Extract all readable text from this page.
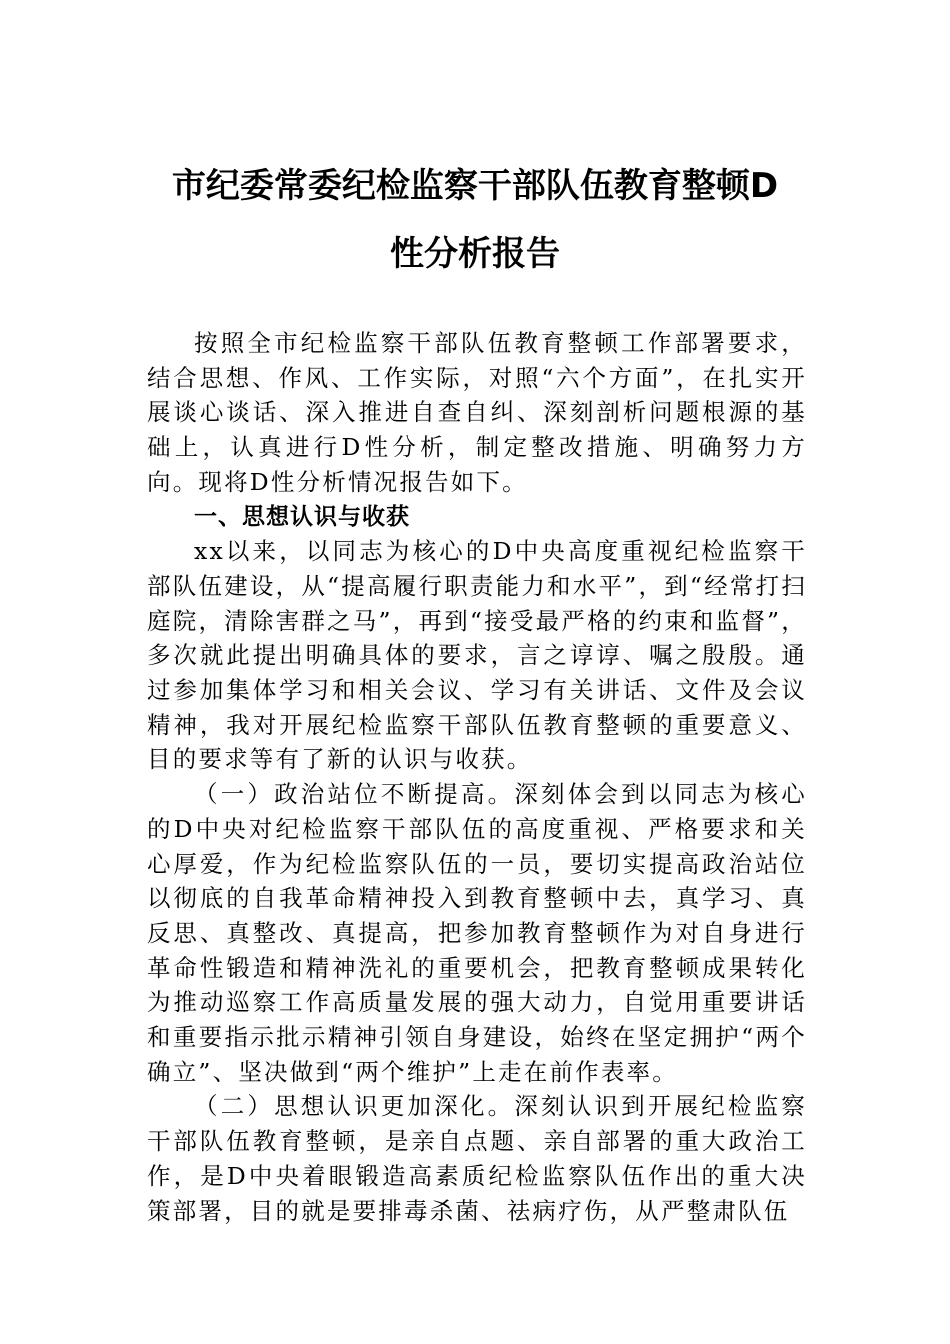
市纪委常委纪检监察干部队伍教育整顿D
性分析报告

按照全市纪检监察干部队伍教育整顿工作部署要求，结合思想、作风、工作实际，对照“六个方面”，在扎实开展谈心谈话、深入推进自查自纠、深刻剖析问题根源的基础上，认真进行D性分析，制定整改措施、明确努力方向。现将D性分析情况报告如下。

一、思想认识与收获

xx以来，以同志为核心的D中央高度重视纪检监察干部队伍建设，从“提高履行职责能力和水平”，到“经常打扫庭院，清除害群之马”，再到“接受最严格的约束和监督”，多次就此提出明确具体的要求，言之谆谆、嘱之殷殷。通过参加集体学习和相关会议、学习有关讲话、文件及会议精神，我对开展纪检监察干部队伍教育整顿的重要意义、目的要求等有了新的认识与收获。

（一）政治站位不断提高。深刻体会到以同志为核心的D中央对纪检监察干部队伍的高度重视、严格要求和关心厚爱，作为纪检监察队伍的一员，要切实提高政治站位以彻底的自我革命精神投入到教育整顿中去，真学习、真反思、真整改、真提高，把参加教育整顿作为对自身进行革命性锻造和精神洗礼的重要机会，把教育整顿成果转化为推动巡察工作高质量发展的强大动力，自觉用重要讲话和重要指示批示精神引领自身建设，始终在坚定拥护“两个确立”、坚决做到“两个维护”上走在前作表率。

（二）思想认识更加深化。深刻认识到开展纪检监察干部队伍教育整顿，是亲自点题、亲自部署的重大政治工作，是D中央着眼锻造高素质纪检监察队伍作出的重大决策部署，目的就是要排毒杀菌、祛病疗伤，从严整肃队伍
